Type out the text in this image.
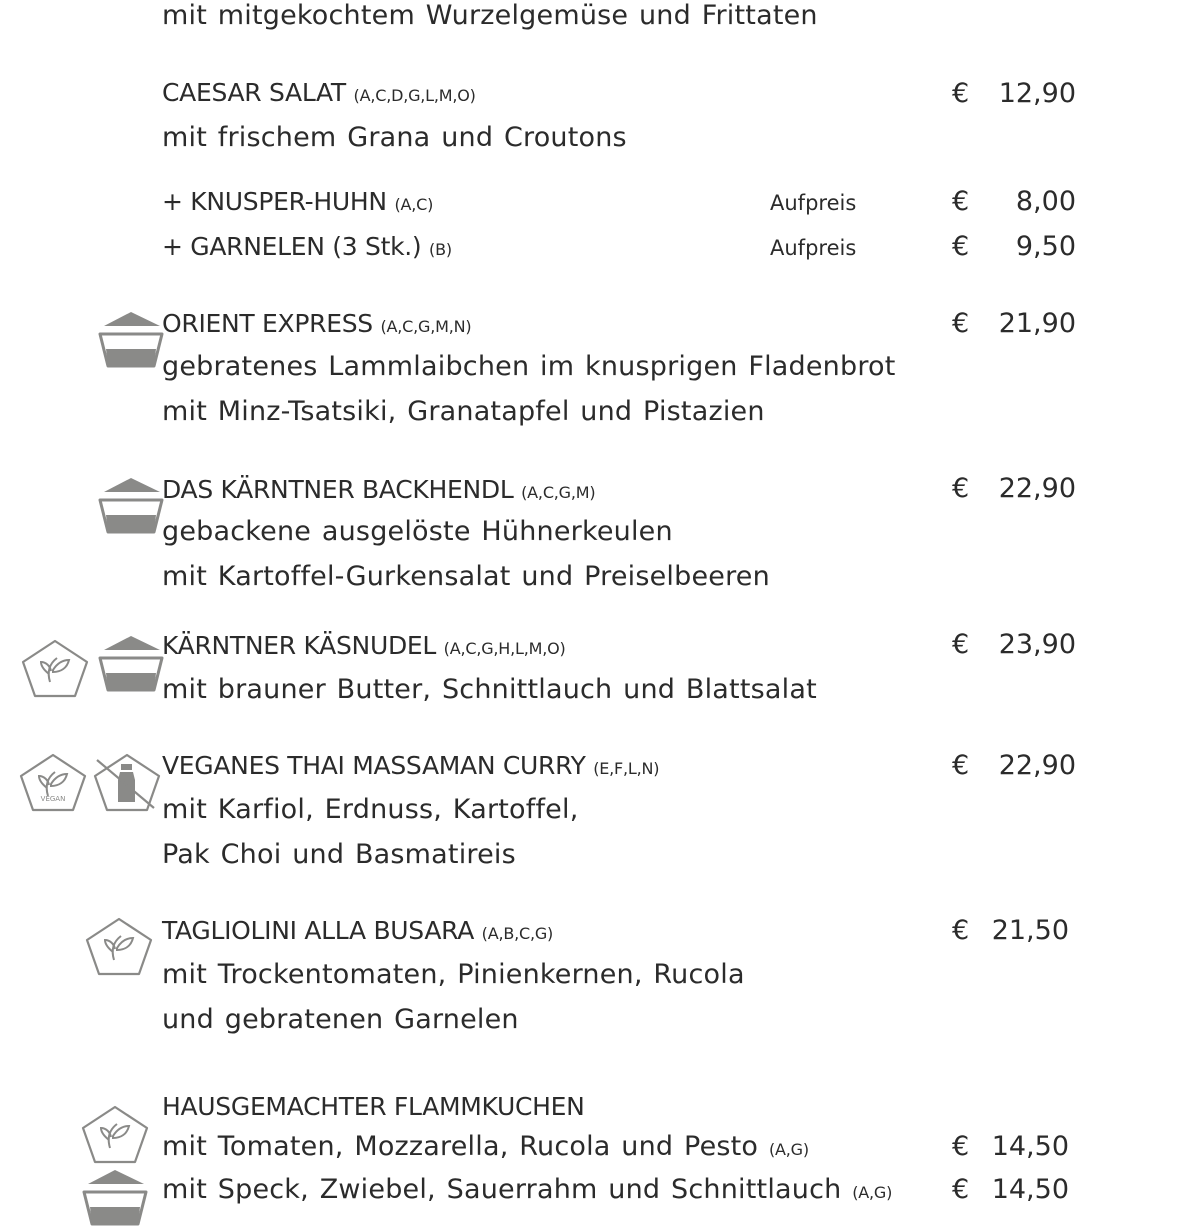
mit mitgekochtem Wurzelgemüse und Frittaten
CAESAR SALAT (A,C,D,G,L,M,O)	€ 12,90
mit frischem Grana und Croutons
+ KNUSPER-HUHN (A,C)	Aufpreis	€ 8,00
+ GARNELEN (3 Stk.) (B)	Aufpreis	€ 9,50
ORIENT EXPRESS (A,C,G,M,N)	€ 21,90
gebratenes Lammlaibchen im knusprigen Fladenbrot
mit Minz-Tsatsiki, Granatapfel und Pistazien
DAS KÄRNTNER BACKHENDL (A,C,G,M)	€ 22,90
gebackene ausgelöste Hühnerkeulen
mit Kartoffel-Gurkensalat und Preiselbeeren
KÄRNTNER KÄSNUDEL (A,C,G,H,L,M,O)	€ 23,90
mit brauner Butter, Schnittlauch und Blattsalat
VEGAN
VEGANES THAI MASSAMAN CURRY (E,F,L,N)	€ 22,90
mit Karfiol, Erdnuss, Kartoffel,
Pak Choi und Basmatireis
TAGLIOLINI ALLA BUSARA (A,B,C,G)	€ 21,50
mit Trockentomaten, Pinienkernen, Rucola
und gebratenen Garnelen
HAUSGEMACHTER FLAMMKUCHEN
mit Tomaten, Mozzarella, Rucola und Pesto (A,G)	€ 14,50
mit Speck, Zwiebel, Sauerrahm und Schnittlauch (A,G) € 14,50
